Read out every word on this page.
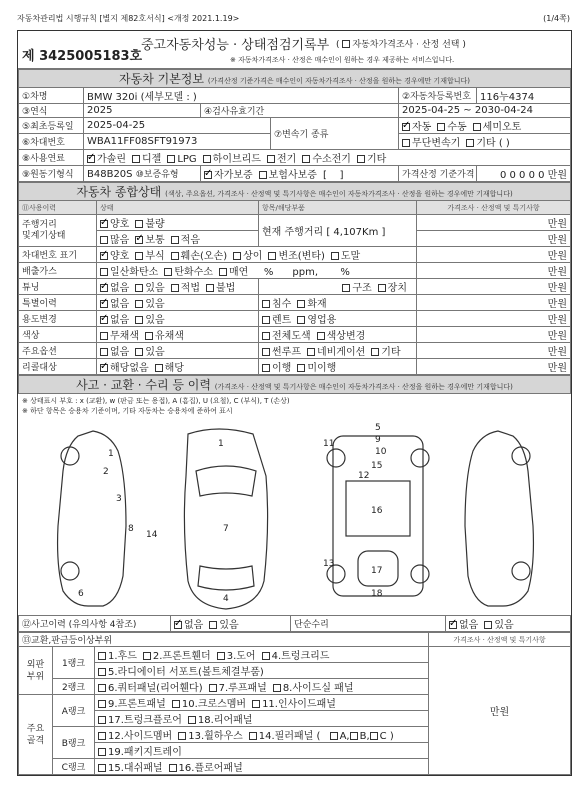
자동차관리법 시행규칙 [별지 제82호서식] <개정 2021.1.19>	(1/4쪽)
제 3425005183호
중고자동차성능 · 상태점검기록부 ( 자동차가격조사 · 산정 선택 )
※ 자동차가격조사 · 산정은 매수인이 원하는 경우 제공하는 서비스입니다.
자동차 기본정보 (가격산정 기준가격은 매수인이 자동차가격조사 · 산정을 원하는 경우에만 기재합니다)
①차명	BMW 320i (세부모델 : )			②자동차등록번호	116누4374
③연식	2025	④검사유효기간		2025-04-25 ~ 2030-04-24	
⑤최초등록일	2025-04-25		⑦변속기 종류	✓자동 수동 세미오토
⑥차대번호	WBA11FF08SFT91973			무단변속기 기타 ( )	
⑧사용연료	✓가솔린 디젤 LPG 하이브리드 전기 수소전기 기타
⑨원동기형식	B48B20S ⑩보증유형	✓자가보증 보험사보증 [ ]		가격산정 기준가격	0 0 0 0 0 만원
자동차 종합상태 (색상, 주요옵션, 가격조사 · 산정액 및 특기사항은 매수인이 자동차가격조사 · 산정을 원하는 경우에만 기재합니다)
⑪사용이력	상태	항목/해당부품	가격조사 · 산정액 및 특기사항
주행거리
및계기상태	✓양호 불량	현재 주행거리 [ 4,107Km ]	만원
	많음 ✓ 보통 적음		만원
차대번호 표기	✓양호 부식 훼손(오손) 상이 변조(변타) 도말		만원
배출가스	일산화탄소 탄화수소 매연 % ppm, %		만원
튜닝	✓없음 있음 적법 불법	구조 장치	만원
특별이력	✓없음 있음	침수 화재	만원
용도변경	✓없음 있음	렌트 영업용	만원
색상	무채색 유채색	전체도색 색상변경	만원
주요옵션	없음 있음	썬루프 네비게이션 기타	만원
리콜대상	✓해당없음 해당	이행 미이행	만원
사고 · 교환 · 수리 등 이력 (가격조사 · 산정액 및 특기사항은 매수인이 자동차가격조사 · 산정을 원하는 경우에만 기재합니다)
※ 상태표시 부호 : x (교환), w (판금 또는 용접), A (흠집), U (요철), C (부식), T (손상)
※ 하단 항목은 승용차 기준이며, 기타 자동차는 승용차에 준하여 표시
1
1
2
3
4
5
6
7
8
9
10
11
12
13
14
15
16
17
18
⑫사고이력 (유의사항 4참조)	✓없음 있음	단순수리	✓없음 있음
⑬교환,판금등이상부위			가격조사 · 산정액 및 특기사항
외판
부위	1랭크	1.후드 2.프론트휀더 3.도어 4.트렁크리드	만원
		5.라디에이터 서포트(볼트체결부품)	
	2랭크	6.쿼터패널(리어휀다) 7.루프패널 8.사이드실 패널	
주요
골격	A랭크	9.프론트패널 10.크로스멤버 11.인사이드패널	
		17.트렁크플로어 18.리어패널	
	B랭크	12.사이드멤버 13.휠하우스 14.필러패널 ( A, B, C )	
		19.패키지트레이	
	C랭크	15.대쉬패널 16.플로어패널	
